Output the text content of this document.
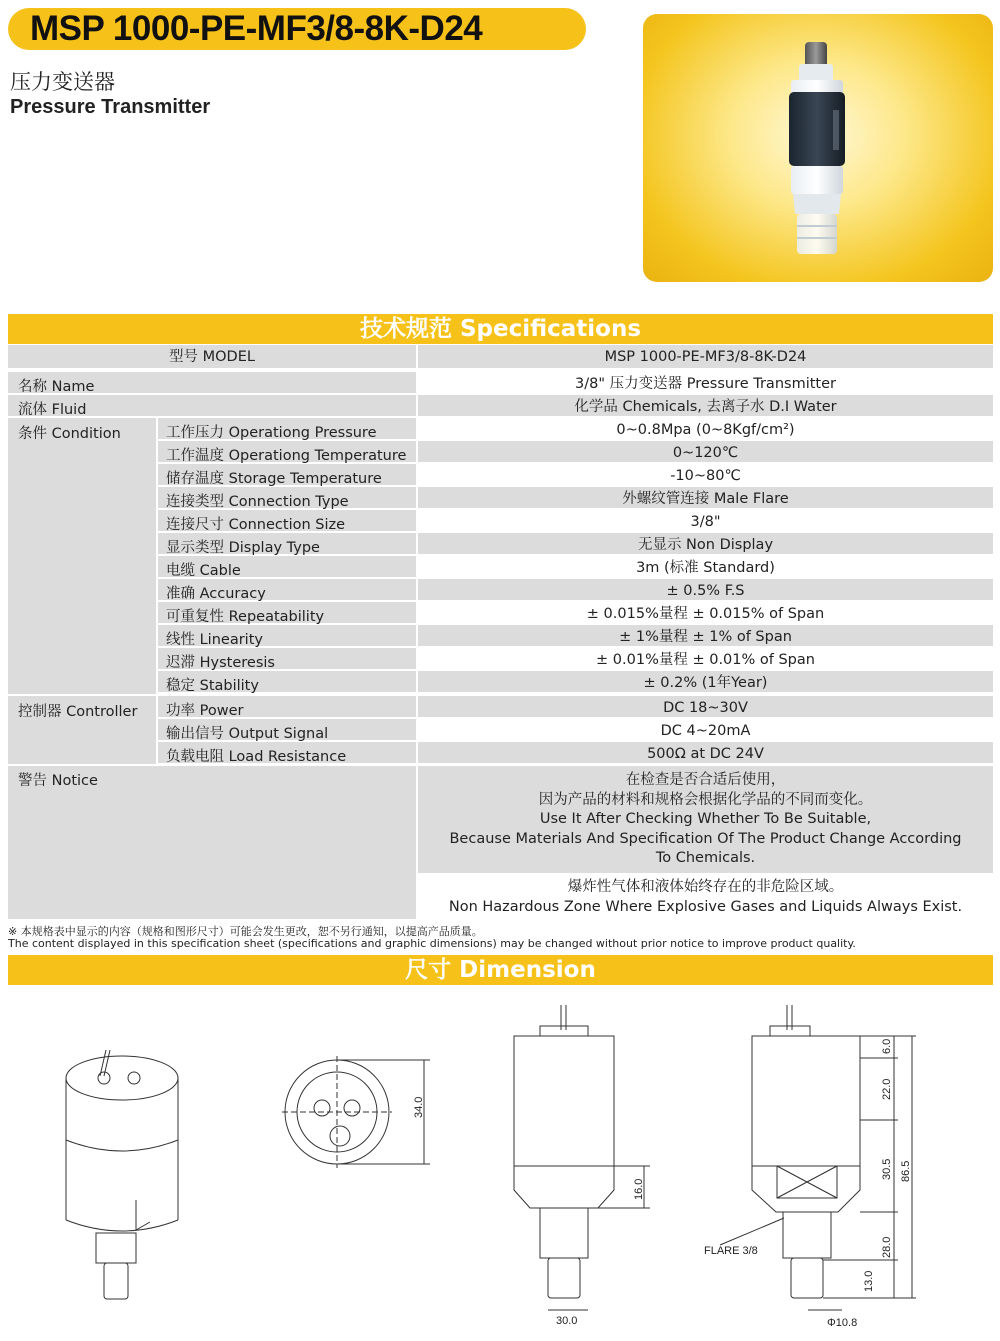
MSP 1000-PE-MF3/8-8K-D24
压力变送器
Pressure Transmitter
技术规范 Specifications
型号 MODEL	MSP 1000-PE-MF3/8-8K-D24
名称 Name	3/8" 压力变送器 Pressure Transmitter
流体 Fluid	化学品 Chemicals, 去离子水 D.I Water
条件 Condition	工作压力 Operationg Pressure	0~0.8Mpa (0~8Kgf/cm²)
工作温度 Operationg Temperature	0~120℃
储存温度 Storage Temperature	-10~80℃
连接类型 Connection Type	外螺纹管连接 Male Flare
连接尺寸 Connection Size	3/8"
显示类型 Display Type	无显示 Non Display
电缆 Cable	3m (标准 Standard)
准确 Accuracy	± 0.5% F.S
可重复性 Repeatability	± 0.015%量程 ± 0.015% of Span
线性 Linearity	± 1%量程 ± 1% of Span
迟滞 Hysteresis	± 0.01%量程 ± 0.01% of Span
稳定 Stability	± 0.2% (1年Year)
控制器 Controller	功率 Power	DC 18~30V
输出信号 Output Signal	DC 4~20mA
负载电阻 Load Resistance	500Ω at DC 24V
警告 Notice	在检查是否合适后使用，
因为产品的材料和规格会根据化学品的不同而变化。
Use It After Checking Whether To Be Suitable,
Because Materials And Specification Of The Product Change According
To Chemicals.
爆炸性气体和液体始终存在的非危险区域。
Non Hazardous Zone Where Explosive Gases and Liquids Always Exist.
※ 本规格表中显示的内容（规格和图形尺寸）可能会发生更改，恕不另行通知，以提高产品质量。
The content displayed in this specification sheet (specifications and graphic dimensions) may be changed without prior notice to improve product quality.
尺寸 Dimension
34.0
16.0
30.0
6.0
22.0
30.5 86.5
28.0
13.0
Φ10.8
FLARE 3/8
